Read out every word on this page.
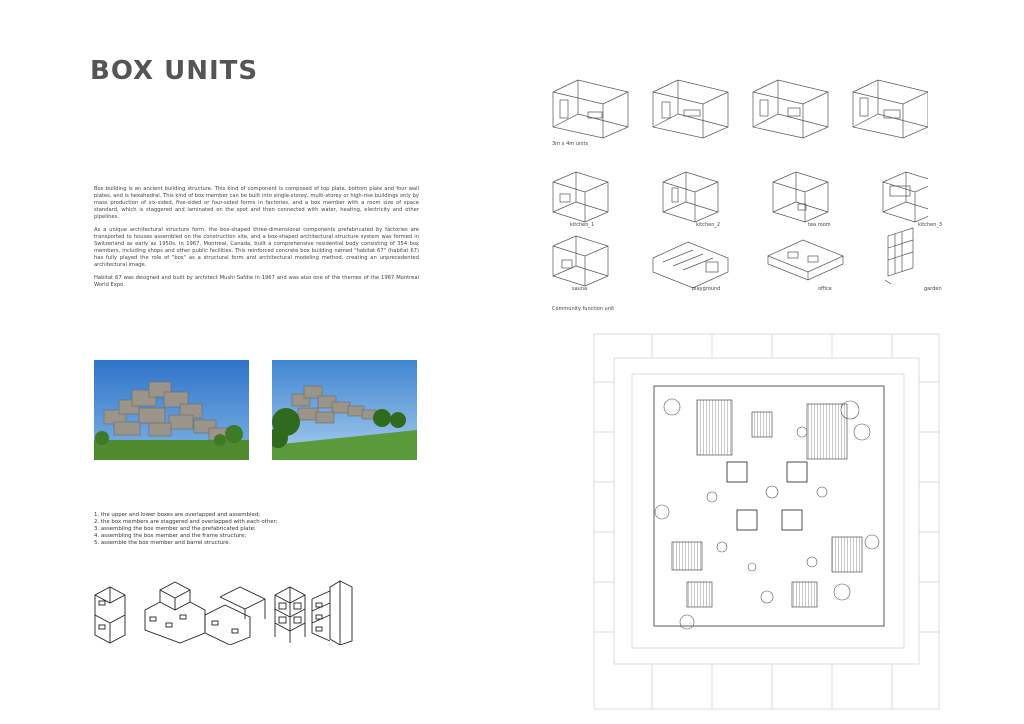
BOX UNITS

Box building is an ancient building structure. This kind of component is composed of top plate, bottom plate and four wall plates, and is hexahedral. This kind of box member can be built into single-storey, multi-storey or high-rise buildings only by mass production of six-sided, five-sided or four-sided forms in factories, and a box member with a room size of space standard, which is staggered and laminated on the spot and then connected with water, heating, electricity and other pipelines.

As a unique architectural structure form, the box-shaped three-dimensional components prefabricated by factories are transported to houses assembled on the construction site, and a box-shaped architectural structure system was formed in Switzerland as early as 1950s. In 1967, Montreal, Canada, built a comprehensive residential body consisting of 354 box members, including shops and other public facilities. This reinforced concrete box building named "habitat 67" (habitat 67) has fully played the role of "box" as a structural form and architectural modeling method, creating an unprecedented architectural image.

Habitat 67 was designed and built by architect Mushi Safdie in 1967 and was also one of the themes of the 1967 Montreal World Expo.

1. the upper and lower boxes are overlapped and assembled;
2. the box members are staggered and overlapped with each other;
3. assembling the box member and the prefabricated plate;
4. assembling the box member and the frame structure;
5. assemble the box member and barrel structure.
3m x 4m units
kitchen_1	kitchen_2	tea room	kitchen_3
sauna	playground	office	garden
Community function unit
